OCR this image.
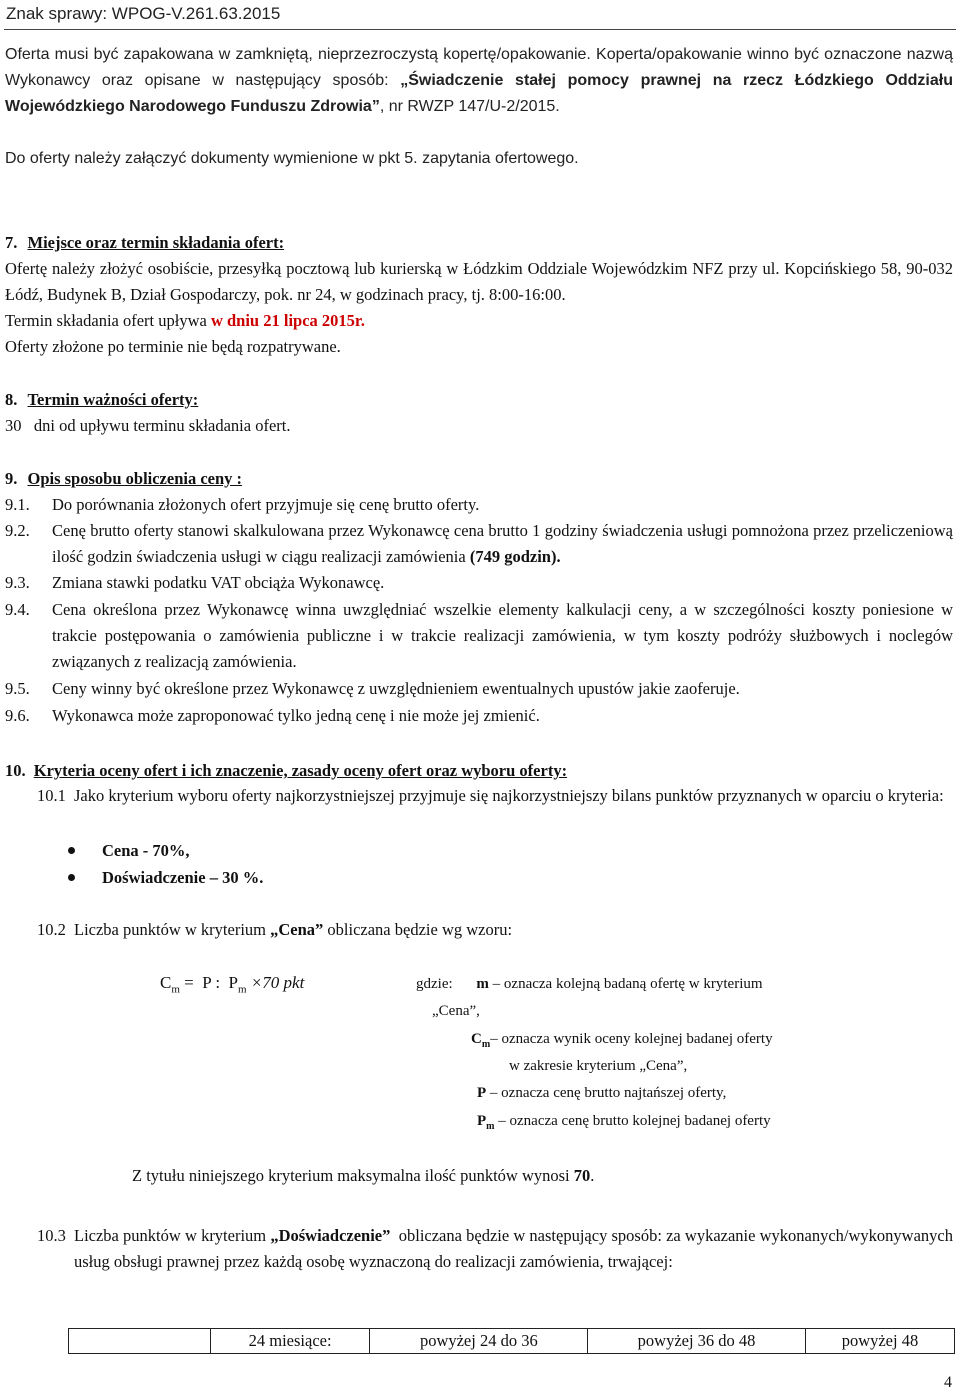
Znak sprawy: WPOG-V.261.63.2015
Oferta musi być zapakowana w zamkniętą, nieprzezroczystą kopertę/opakowanie. Koperta/opakowanie winno być oznaczone nazwą Wykonawcy oraz opisane w następujący sposób: „Świadczenie stałej pomocy prawnej na rzecz Łódzkiego Oddziału Wojewódzkiego Narodowego Funduszu Zdrowia”, nr RWZP 147/U-2/2015.
Do oferty należy załączyć dokumenty wymienione w pkt 5. zapytania ofertowego.
7. Miejsce oraz termin składania ofert:
Ofertę należy złożyć osobiście, przesyłką pocztową lub kurierską w Łódzkim Oddziale Wojewódzkim NFZ przy ul. Kopcińskiego 58, 90-032 Łódź, Budynek B, Dział Gospodarczy, pok. nr 24, w godzinach pracy, tj. 8:00-16:00.
Termin składania ofert upływa w dniu 21 lipca 2015r.
Oferty złożone po terminie nie będą rozpatrywane.
8. Termin ważności oferty:
30   dni od upływu terminu składania ofert.
9. Opis sposobu obliczenia ceny :
9.1.	Do porównania złożonych ofert przyjmuje się cenę brutto oferty.
9.2.	Cenę brutto oferty stanowi skalkulowana przez Wykonawcę cena brutto 1 godziny świadczenia usługi pomnożona przez przeliczeniową ilość godzin świadczenia usługi w ciągu realizacji zamówienia (749 godzin).
9.3.	Zmiana stawki podatku VAT obciąża Wykonawcę.
9.4.	Cena określona przez Wykonawcę winna uwzględniać wszelkie elementy kalkulacji ceny, a w szczególności koszty poniesione w trakcie postępowania o zamówienia publiczne i w trakcie realizacji zamówienia, w tym koszty podróży służbowych i noclegów związanych z realizacją zamówienia.
9.5.	Ceny winny być określone przez Wykonawcę z uwzględnieniem ewentualnych upustów jakie zaoferuje.
9.6.	Wykonawca może zaproponować tylko jedną cenę i nie może jej zmienić.
10. Kryteria oceny ofert i ich znaczenie, zasady oceny ofert oraz wyboru oferty:
10.1 Jako kryterium wyboru oferty najkorzystniejszej przyjmuje się najkorzystniejszy bilans punktów przyznanych w oparciu o kryteria:
Cena - 70%,
Doświadczenie – 30 %.
10.2 Liczba punktów w kryterium „Cena” obliczana będzie wg wzoru:
$C_m = P$ :  $P_m \times 70$ pkt	gdzie: m – oznacza kolejną badaną ofertę w kryterium
„Cena”,
$C_m-$ oznacza wynik oceny kolejnej badanej oferty
w zakresie kryterium „Cena”,
P – oznacza cenę brutto najtańszej oferty,
$P_m$ – oznacza cenę brutto kolejnej badanej oferty
Z tytułu niniejszego kryterium maksymalna ilość punktów wynosi 70.
10.3 Liczba punktów w kryterium „Doświadczenie”  obliczana będzie w następujący sposób: za wykazanie wykonanych/wykonywanych usług obsługi prawnej przez każdą osobę wyznaczoną do realizacji zamówienia, trwającej:
	24 miesiące:	powyżej 24 do 36	powyżej 36 do 48	powyżej 48
4
